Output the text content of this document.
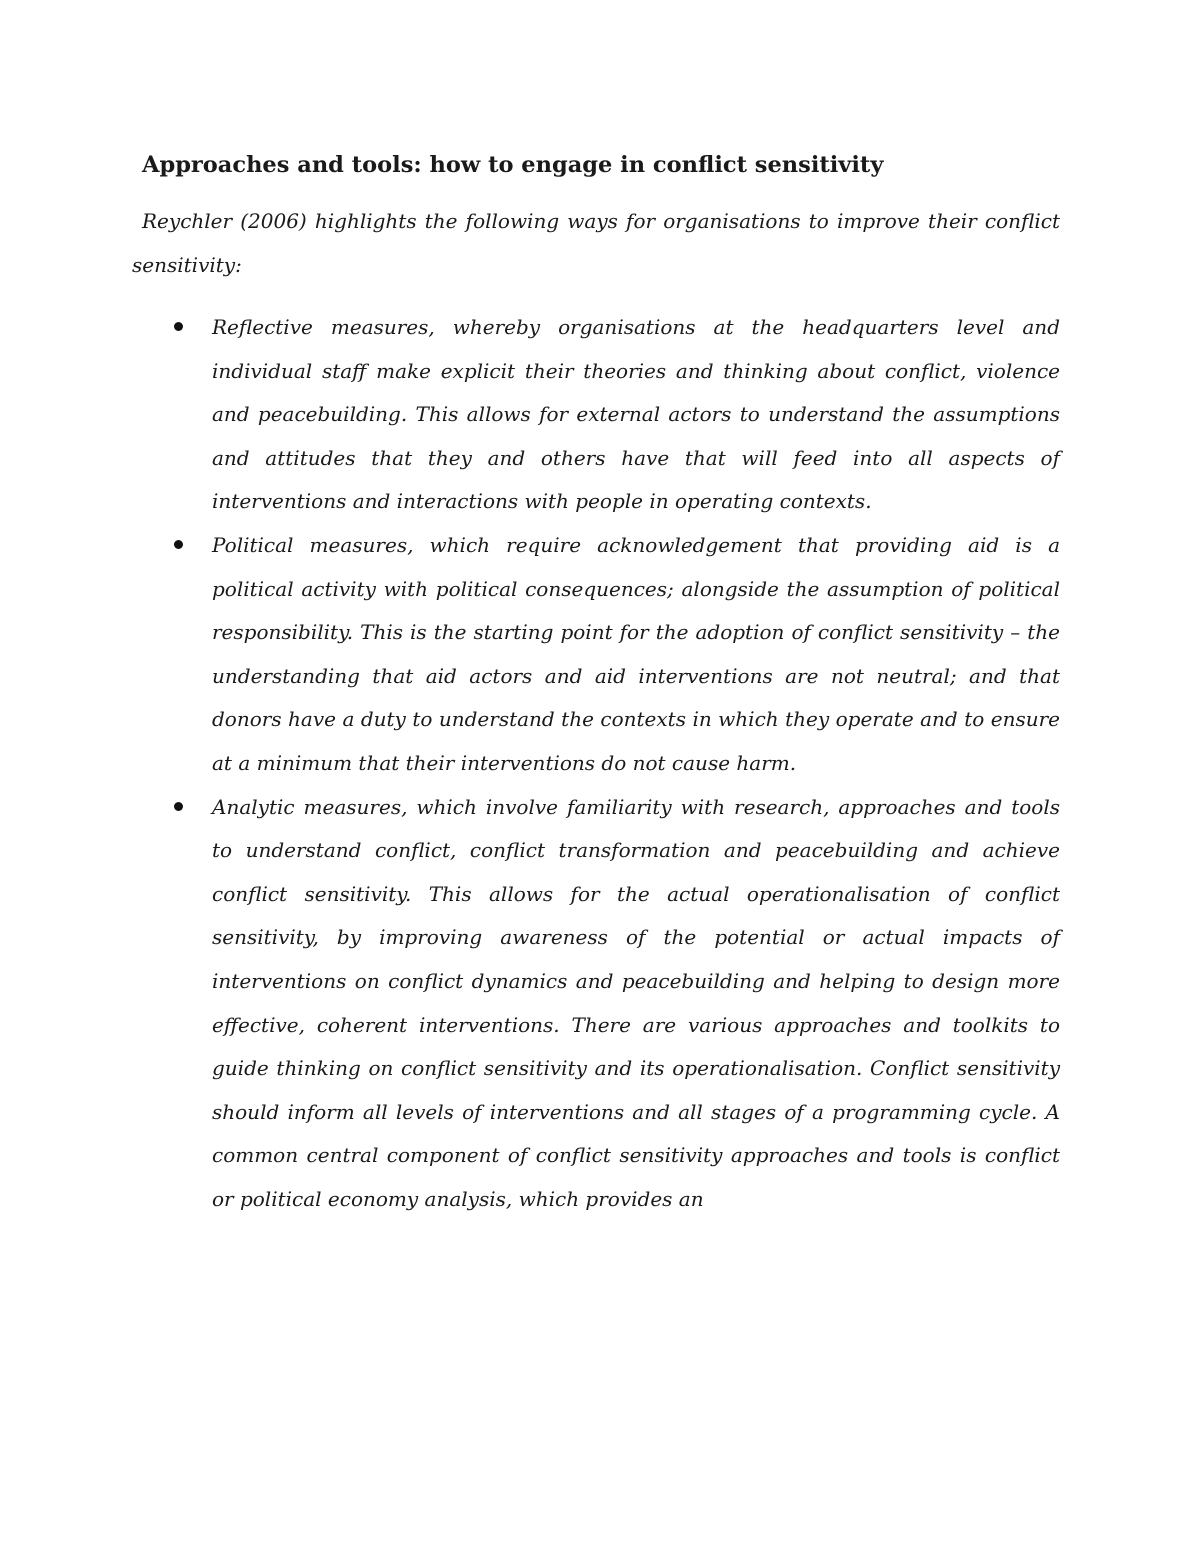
Approaches and tools: how to engage in conflict sensitivity

Reychler (2006) highlights the following ways for organisations to improve their conflict sensitivity:

Reflective measures, whereby organisations at the headquarters level and individual staff make explicit their theories and thinking about conflict, violence and peacebuilding. This allows for external actors to understand the assumptions and attitudes that they and others have that will feed into all aspects of interventions and interactions with people in operating contexts.
Political measures, which require acknowledgement that providing aid is a political activity with political consequences; alongside the assumption of political responsibility. This is the starting point for the adoption of conflict sensitivity – the understanding that aid actors and aid interventions are not neutral; and that donors have a duty to understand the contexts in which they operate and to ensure at a minimum that their interventions do not cause harm.
Analytic measures, which involve familiarity with research, approaches and tools to understand conflict, conflict transformation and peacebuilding and achieve conflict sensitivity. This allows for the actual operationalisation of conflict sensitivity, by improving awareness of the potential or actual impacts of interventions on conflict dynamics and peacebuilding and helping to design more effective, coherent interventions. There are various approaches and toolkits to guide thinking on conflict sensitivity and its operationalisation. Conflict sensitivity should inform all levels of interventions and all stages of a programming cycle. A common central component of conflict sensitivity approaches and tools is conflict or political economy analysis, which provides an
